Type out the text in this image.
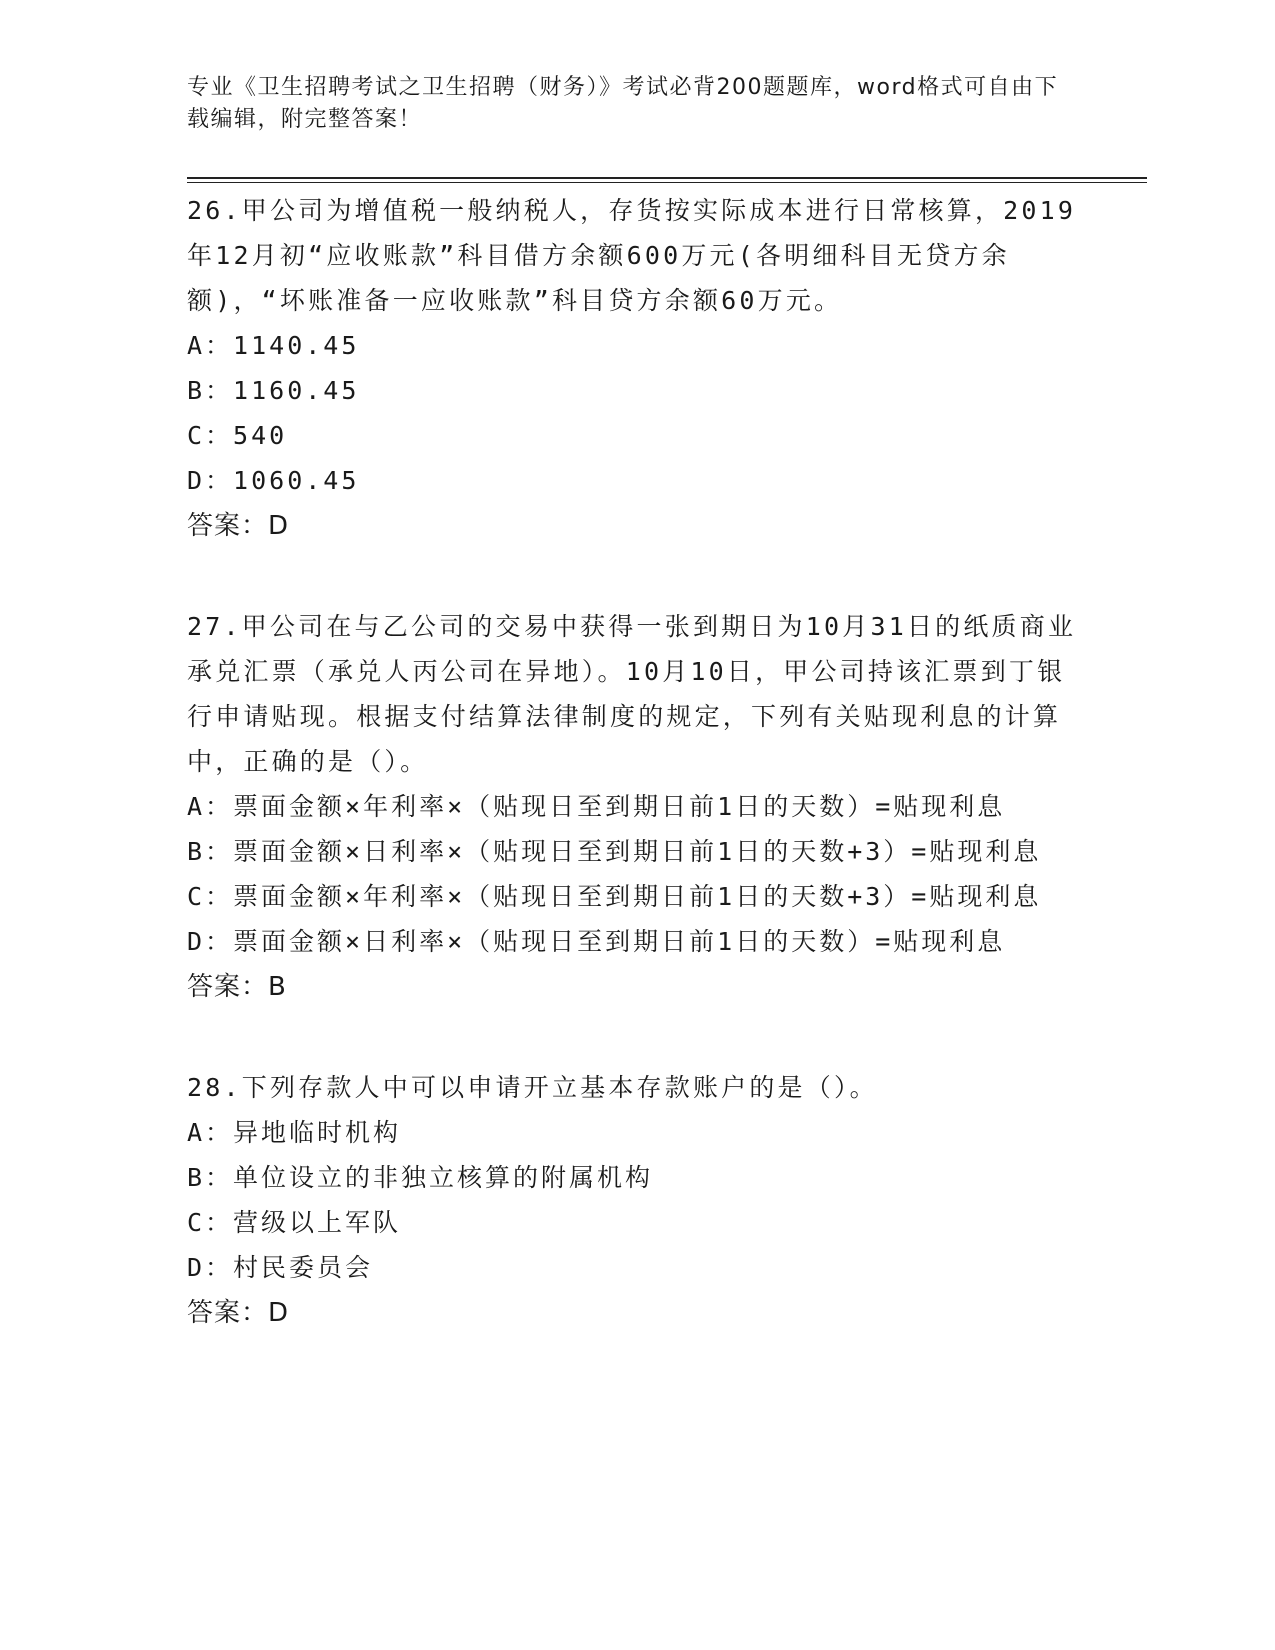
专业《卫生招聘考试之卫生招聘（财务）》考试必背200题题库，word格式可自由下载编辑，附完整答案！
26.甲公司为增值税一般纳税人，存货按实际成本进行日常核算，2019年12月初“应收账款”科目借方余额600万元(各明细科目无贷方余额)，“坏账准备一应收账款”科目贷方余额60万元。
A：1140.45
B：1160.45
C：540
D：1060.45
答案：D
27.甲公司在与乙公司的交易中获得一张到期日为10月31日的纸质商业承兑汇票（承兑人丙公司在异地）。10月10日，甲公司持该汇票到丁银行申请贴现。根据支付结算法律制度的规定，下列有关贴现利息的计算中，正确的是（）。
A：票面金额×年利率×（贴现日至到期日前1日的天数）=贴现利息
B：票面金额×日利率×（贴现日至到期日前1日的天数+3）=贴现利息
C：票面金额×年利率×（贴现日至到期日前1日的天数+3）=贴现利息
D：票面金额×日利率×（贴现日至到期日前1日的天数）=贴现利息
答案：B
28.下列存款人中可以申请开立基本存款账户的是（）。
A：异地临时机构
B：单位设立的非独立核算的附属机构
C：营级以上军队
D：村民委员会
答案：D
